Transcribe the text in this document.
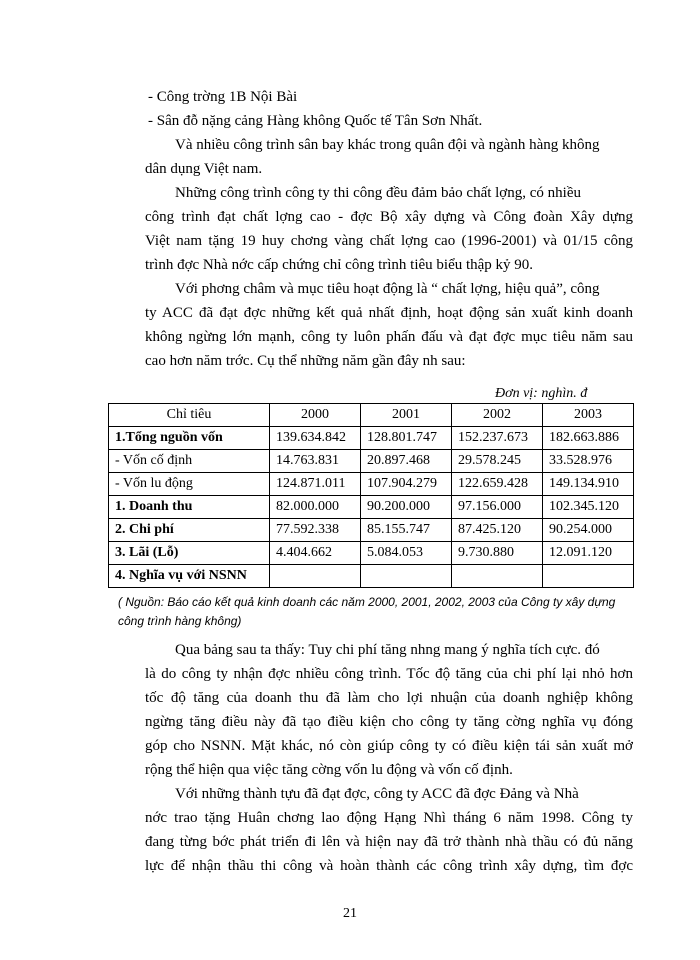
- Công trờng 1B Nội Bài
- Sân đỗ nặng cảng Hàng không Quốc tế Tân Sơn Nhất.
Và nhiều công trình sân bay khác trong quân đội và ngành hàng không
dân dụng Việt nam.
Những công trình công ty thi công đều đảm bảo chất lợng, có nhiều
công trình đạt chất lợng cao - đợc Bộ xây dựng và Công đoàn Xây dựng
Việt nam tặng 19 huy chơng vàng chất lợng cao (1996-2001) và 01/15 công
trình đợc Nhà nớc cấp chứng chỉ công trình tiêu biểu thập kỷ 90.
Với phơng châm và mục tiêu hoạt động là “ chất lợng, hiệu quả”, công
ty ACC đã đạt đợc những kết quả nhất định, hoạt động sản xuất kinh doanh
không ngừng lớn mạnh, công ty luôn phấn đấu và đạt đợc mục tiêu năm sau
cao hơn năm trớc. Cụ thể những năm gần đây nh sau:
Đơn vị: nghìn. đ
Chỉ tiêu	2000	2001	2002	2003
1.Tổng nguồn vốn	139.634.842	128.801.747	152.237.673	182.663.886
- Vốn cố định	14.763.831	20.897.468	29.578.245	33.528.976
- Vốn lu động	124.871.011	107.904.279	122.659.428	149.134.910
1. Doanh thu	82.000.000	90.200.000	97.156.000	102.345.120
2. Chi phí	77.592.338	85.155.747	87.425.120	90.254.000
3. Lãi (Lỗ)	4.404.662	5.084.053	9.730.880	12.091.120
4. Nghĩa vụ với NSNN				
( Nguồn: Báo cáo kết quả kinh doanh các năm 2000, 2001, 2002, 2003 của Công ty xây dựng công trình hàng không)
Qua bảng sau ta thấy: Tuy chi phí tăng nhng mang ý nghĩa tích cực. đó
là do công ty nhận đợc nhiều công trình. Tốc độ tăng của chi phí lại nhỏ hơn
tốc độ tăng của doanh thu đã làm cho lợi nhuận của doanh nghiệp không
ngừng tăng điều này đã tạo điều kiện cho công ty tăng cờng nghĩa vụ đóng
góp cho NSNN. Mặt khác, nó còn giúp công ty có điều kiện tái sản xuất mở
rộng thể hiện qua việc tăng cờng vốn lu động và vốn cố định.
Với những thành tựu đã đạt đợc, công ty ACC đã đợc Đảng và Nhà
nớc trao tặng Huân chơng lao động Hạng Nhì tháng 6 năm 1998. Công ty
đang từng bớc phát triển đi lên và hiện nay đã trở thành nhà thầu có đủ năng
lực để nhận thầu thi công và hoàn thành các công trình xây dựng, tìm đợc
21
